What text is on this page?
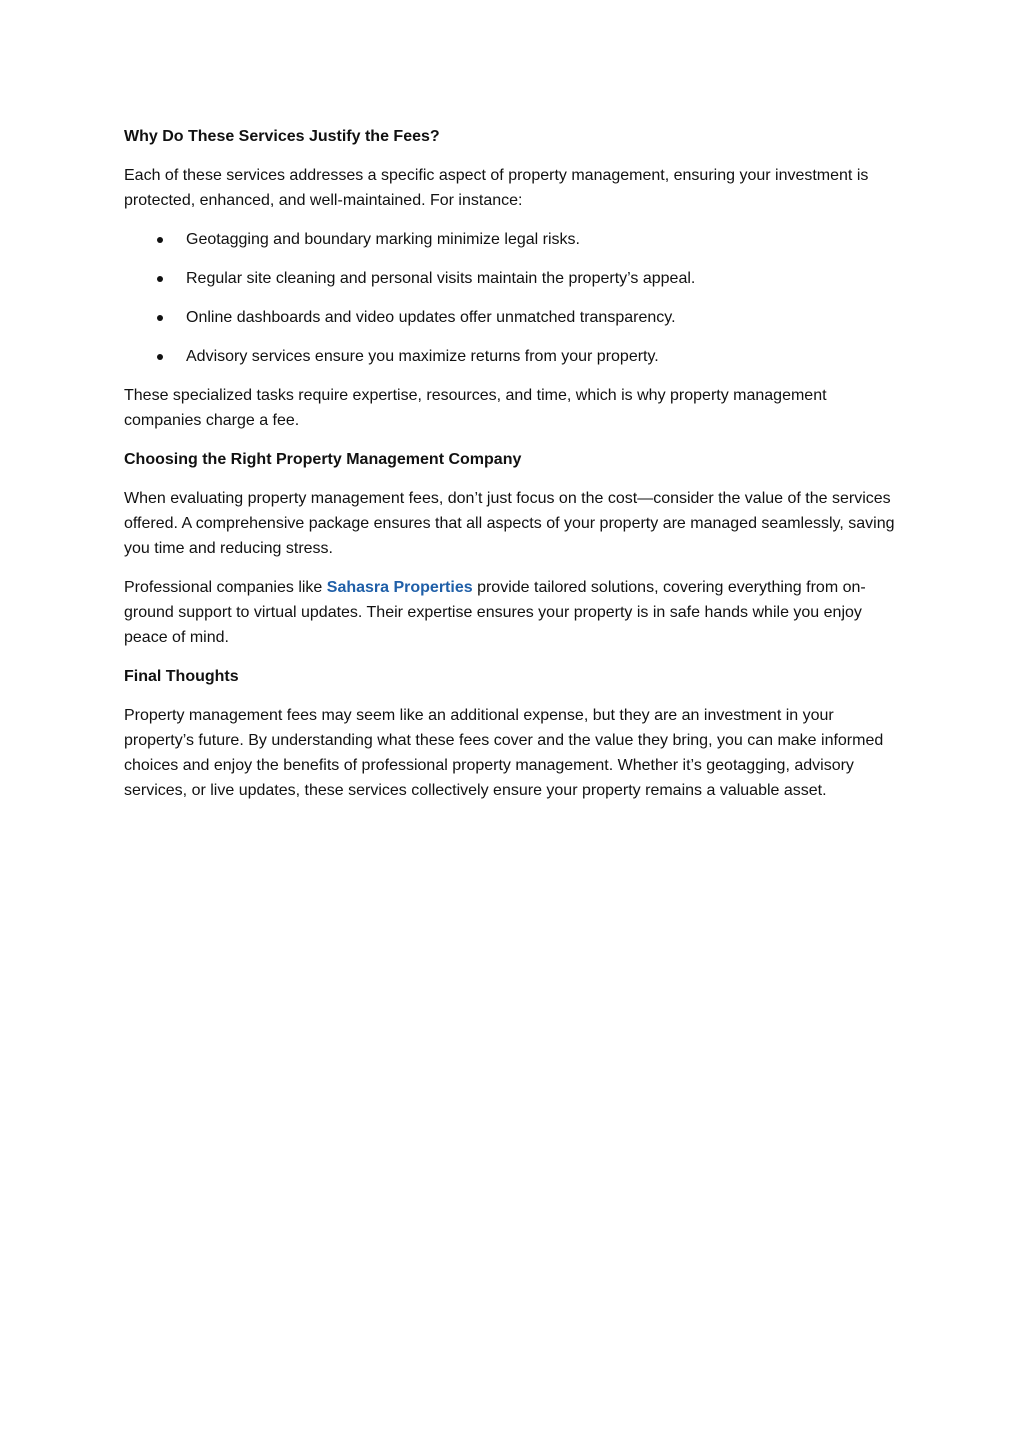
Why Do These Services Justify the Fees?

Each of these services addresses a specific aspect of property management, ensuring your investment is protected, enhanced, and well-maintained. For instance:

Geotagging and boundary marking minimize legal risks.
Regular site cleaning and personal visits maintain the property’s appeal.
Online dashboards and video updates offer unmatched transparency.
Advisory services ensure you maximize returns from your property.

These specialized tasks require expertise, resources, and time, which is why property management companies charge a fee.

Choosing the Right Property Management Company

When evaluating property management fees, don’t just focus on the cost—consider the value of the services offered. A comprehensive package ensures that all aspects of your property are managed seamlessly, saving you time and reducing stress.

Professional companies like Sahasra Properties provide tailored solutions, covering everything from on-ground support to virtual updates. Their expertise ensures your property is in safe hands while you enjoy peace of mind.

Final Thoughts

Property management fees may seem like an additional expense, but they are an investment in your property’s future. By understanding what these fees cover and the value they bring, you can make informed choices and enjoy the benefits of professional property management. Whether it’s geotagging, advisory services, or live updates, these services collectively ensure your property remains a valuable asset.
